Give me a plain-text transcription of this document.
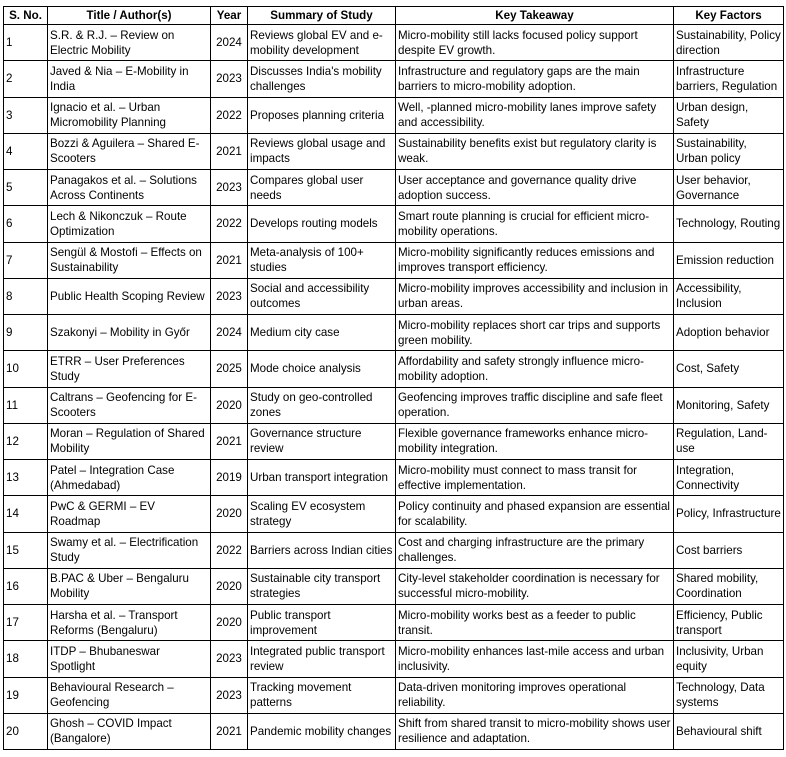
S. No.	Title / Author(s)	Year	Summary of Study	Key Takeaway	Key Factors
1	S.R. & R.J. – Review on Electric Mobility	2024	Reviews global EV and e-mobility development	Micro-mobility still lacks focused policy support despite EV growth.	Sustainability, Policy direction
2	Javed & Nia – E-Mobility in India	2023	Discusses India's mobility challenges	Infrastructure and regulatory gaps are the main barriers to micro-mobility adoption.	Infrastructure barriers, Regulation
3	Ignacio et al. – Urban Micromobility Planning	2022	Proposes planning criteria	Well, -planned micro-mobility lanes improve safety and accessibility.	Urban design, Safety
4	Bozzi & Aguilera – Shared E-Scooters	2021	Reviews global usage and impacts	Sustainability benefits exist but regulatory clarity is weak.	Sustainability, Urban policy
5	Panagakos et al. – Solutions Across Continents	2023	Compares global user needs	User acceptance and governance quality drive adoption success.	User behavior, Governance
6	Lech & Nikonczuk – Route Optimization	2022	Develops routing models	Smart route planning is crucial for efficient micro-mobility operations.	Technology, Routing
7	Sengül & Mostofi – Effects on Sustainability	2021	Meta-analysis of 100+ studies	Micro-mobility significantly reduces emissions and improves transport efficiency.	Emission reduction
8	Public Health Scoping Review	2023	Social and accessibility outcomes	Micro-mobility improves accessibility and inclusion in urban areas.	Accessibility, Inclusion
9	Szakonyi – Mobility in Győr	2024	Medium city case	Micro-mobility replaces short car trips and supports green mobility.	Adoption behavior
10	ETRR – User Preferences Study	2025	Mode choice analysis	Affordability and safety strongly influence micro-mobility adoption.	Cost, Safety
11	Caltrans – Geofencing for E-Scooters	2020	Study on geo-controlled zones	Geofencing improves traffic discipline and safe fleet operation.	Monitoring, Safety
12	Moran – Regulation of Shared Mobility	2021	Governance structure review	Flexible governance frameworks enhance micro-mobility integration.	Regulation, Land-use
13	Patel – Integration Case (Ahmedabad)	2019	Urban transport integration	Micro-mobility must connect to mass transit for effective implementation.	Integration, Connectivity
14	PwC & GERMI – EV Roadmap	2020	Scaling EV ecosystem strategy	Policy continuity and phased expansion are essential for scalability.	Policy, Infrastructure
15	Swamy et al. – Electrification Study	2022	Barriers across Indian cities	Cost and charging infrastructure are the primary challenges.	Cost barriers
16	B.PAC & Uber – Bengaluru Mobility	2020	Sustainable city transport strategies	City-level stakeholder coordination is necessary for successful micro-mobility.	Shared mobility, Coordination
17	Harsha et al. – Transport Reforms (Bengaluru)	2020	Public transport improvement	Micro-mobility works best as a feeder to public transit.	Efficiency, Public transport
18	ITDP – Bhubaneswar Spotlight	2023	Integrated public transport review	Micro-mobility enhances last-mile access and urban inclusivity.	Inclusivity, Urban equity
19	Behavioural Research – Geofencing	2023	Tracking movement patterns	Data-driven monitoring improves operational reliability.	Technology, Data systems
20	Ghosh – COVID Impact (Bangalore)	2021	Pandemic mobility changes	Shift from shared transit to micro-mobility shows user resilience and adaptation.	Behavioural shift
